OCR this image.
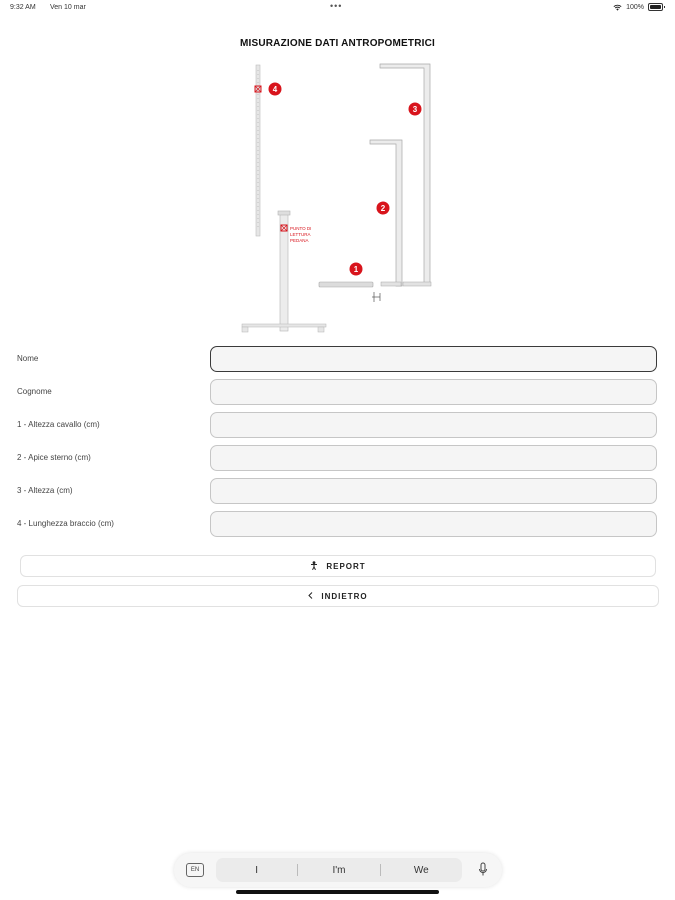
9:32 AM Ven 10 mar	•••	100%
MISURAZIONE DATI ANTROPOMETRICI
4
PUNTO DI
LETTURA
PEDANA
3
2
1
Nome
Cognome
1 - Altezza cavallo (cm)
2 - Apice sterno (cm)
3 - Altezza (cm)
4 - Lunghezza braccio (cm)
REPORT
INDIETRO
EN	I	I'm	We
